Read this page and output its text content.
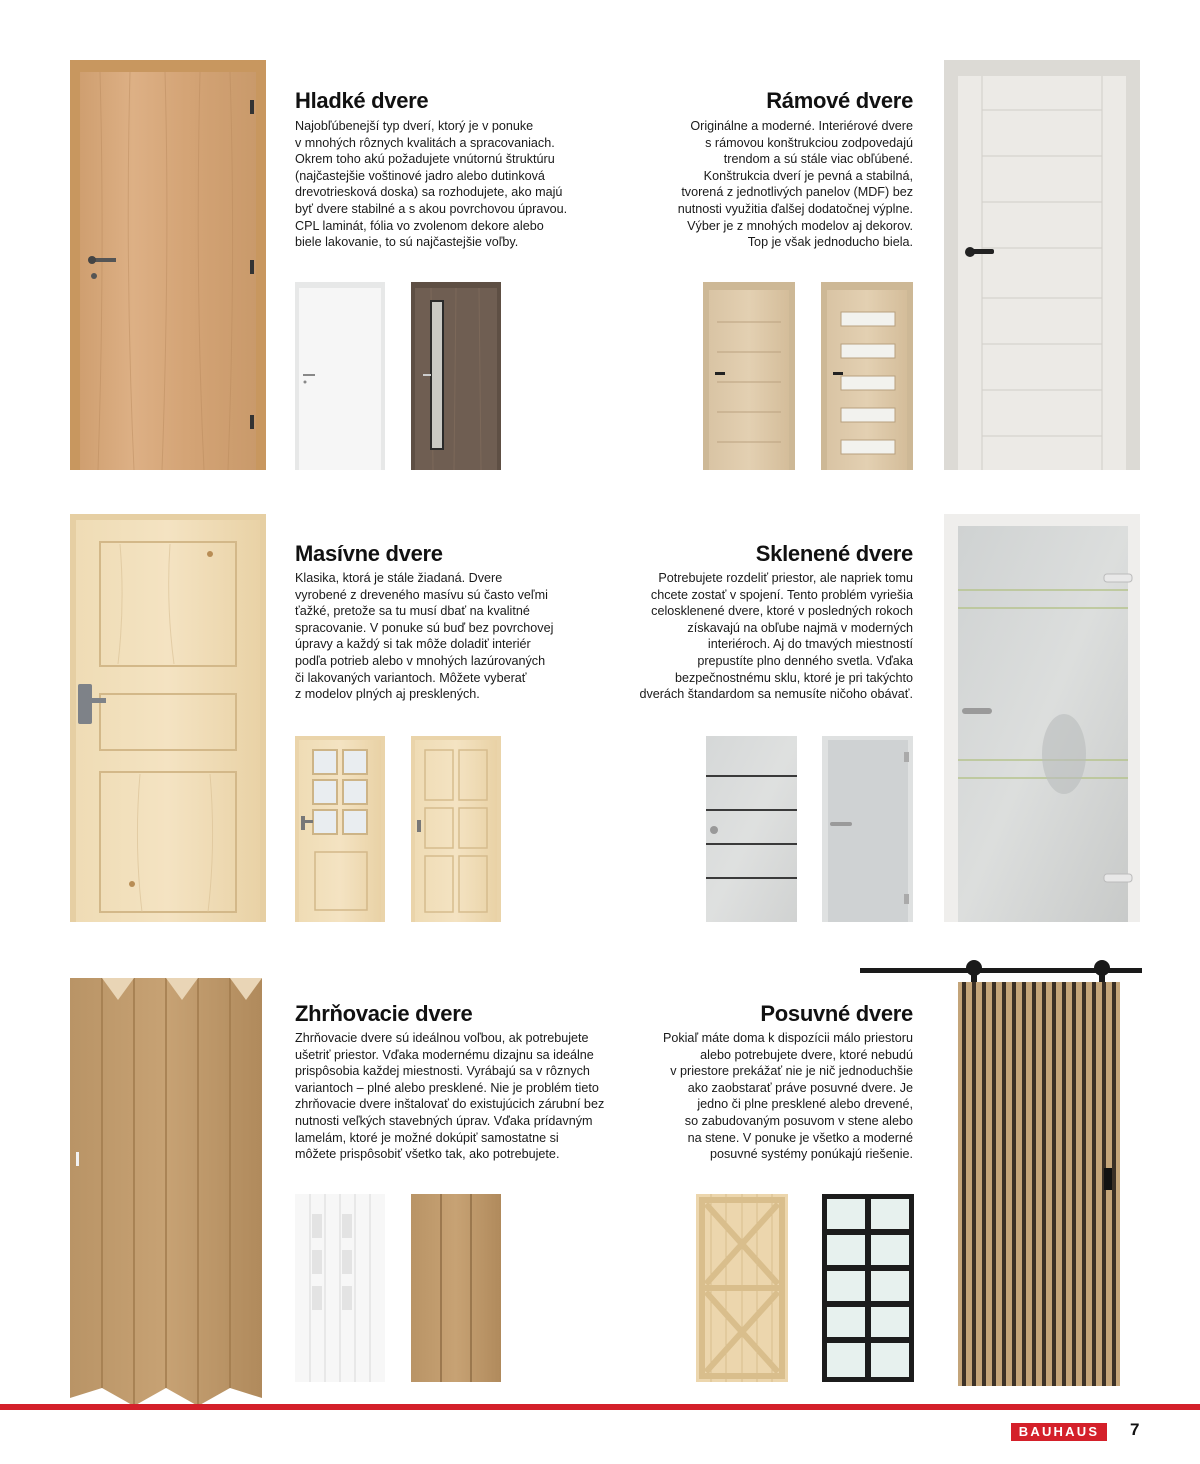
Hladké dvere
Najobľúbenejší typ dverí, ktorý je v ponuke
v mnohých rôznych kvalitách a spracovaniach.
Okrem toho akú požadujete vnútornú štruktúru
(najčastejšie voštinové jadro alebo dutinková
drevotriesková doska) sa rozhodujete, ako majú
byť dvere stabilné a s akou povrchovou úpravou.
CPL laminát, fólia vo zvolenom dekore alebo
biele lakovanie, to sú najčastejšie voľby.
Rámové dvere
Originálne a moderné. Interiérové dvere
s rámovou konštrukciou zodpovedajú
trendom a sú stále viac obľúbené.
Konštrukcia dverí je pevná a stabilná,
tvorená z jednotlivých panelov (MDF) bez
nutnosti využitia ďalšej dodatočnej výplne.
Výber je z mnohých modelov aj dekorov.
Top je však jednoducho biela.
Masívne dvere
Klasika, ktorá je stále žiadaná. Dvere
vyrobené z dreveného masívu sú často veľmi
ťažké, pretože sa tu musí dbať na kvalitné
spracovanie. V ponuke sú buď bez povrchovej
úpravy a každý si tak môže doladiť interiér
podľa potrieb alebo v mnohých lazúrovaných
či lakovaných variantoch. Môžete vyberať
z modelov plných aj presklených.
Sklenené dvere
Potrebujete rozdeliť priestor, ale napriek tomu
chcete zostať v spojení. Tento problém vyriešia
celosklenené dvere, ktoré v posledných rokoch
získavajú na obľube najmä v moderných
interiéroch. Aj do tmavých miestností
prepustíte plno denného svetla. Vďaka
bezpečnostnému sklu, ktoré je pri takýchto
dverách štandardom sa nemusíte ničoho obávať.
Zhrňovacie dvere
Zhrňovacie dvere sú ideálnou voľbou, ak potrebujete
ušetriť priestor. Vďaka modernému dizajnu sa ideálne
prispôsobia každej miestnosti. Vyrábajú sa v rôznych
variantoch – plné alebo presklené. Nie je problém tieto
zhrňovacie dvere inštalovať do existujúcich zárubní bez
nutnosti veľkých stavebných úprav. Vďaka prídavným
lamelám, ktoré je možné dokúpiť samostatne si
môžete prispôsobiť všetko tak, ako potrebujete.
Posuvné dvere
Pokiaľ máte doma k dispozícii málo priestoru
alebo potrebujete dvere, ktoré nebudú
v priestore prekážať nie je nič jednoduchšie
ako zaobstarať práve posuvné dvere. Je
jedno či plne presklené alebo drevené,
so zabudovaným posuvom v stene alebo
na stene. V ponuke je všetko a moderné
posuvné systémy ponúkajú riešenie.
BAUHAUS	7
